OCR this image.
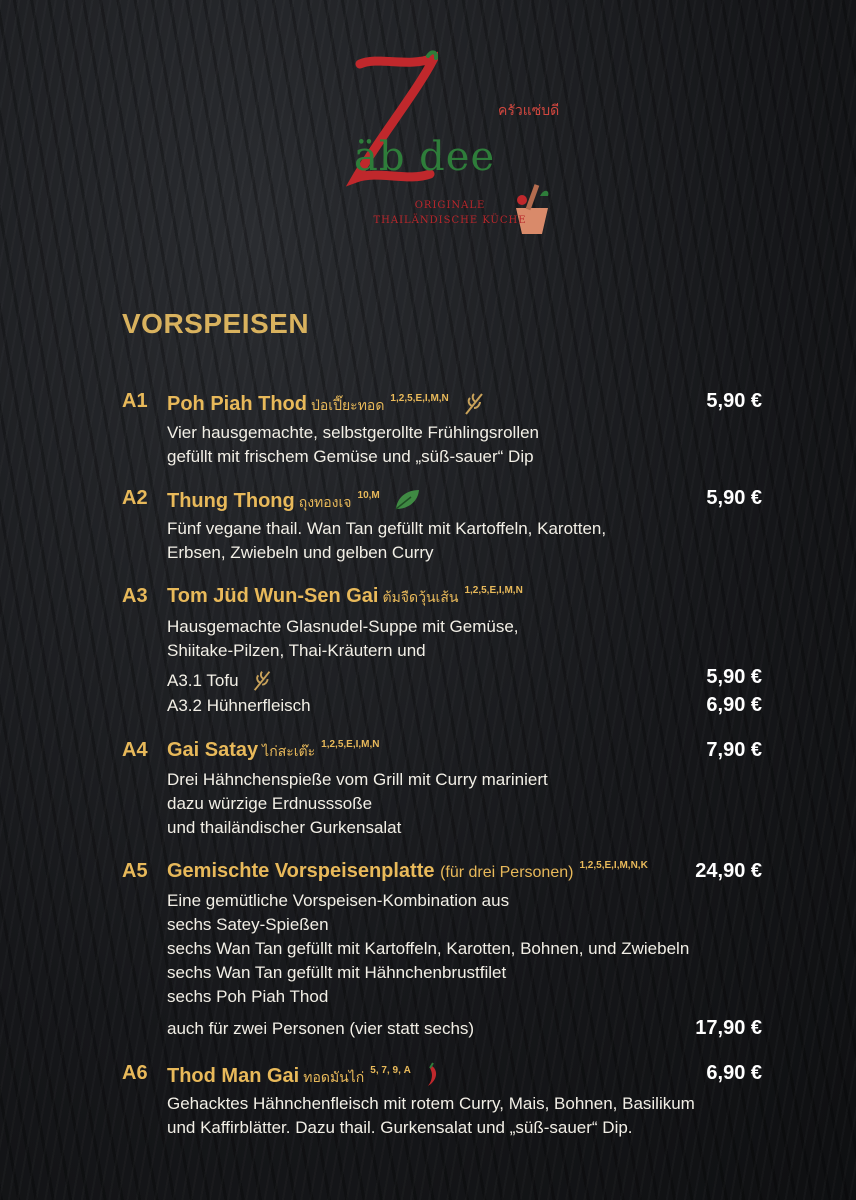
äb dee
ครัวแซ่บดี
ORIGINALE
THAILÄNDISCHE KÜCHE
VORSPEISEN
A1 Poh Piah Thod ป่อเปี๊ยะทอด $^{1,2,5,E,I,M,N}$	5,90 €
Vier hausgemachte, selbstgerollte Frühlingsrollen
gefüllt mit frischem Gemüse und „süß-sauer“ Dip
A2 Thung Thong ถุงทองเจ $^{10,M}$	5,90 €
Fünf vegane thail. Wan Tan gefüllt mit Kartoffeln, Karotten,
Erbsen, Zwiebeln und gelben Curry
A3 Tom Jüd Wun-Sen Gai ต้มจืดวุ้นเส้น $^{1,2,5,E,I,M,N}$
Hausgemachte Glasnudel-Suppe mit Gemüse,
Shiitake-Pilzen, Thai-Kräutern und
A3.1 Tofu	5,90 €
A3.2 Hühnerfleisch	6,90 €
A4 Gai Satay ไก่สะเต๊ะ $^{1,2,5,E,I,M,N}$	7,90 €
Drei Hähnchenspieße vom Grill mit Curry mariniert
dazu würzige Erdnusssoße
und thailändischer Gurkensalat
A5 Gemischte Vorspeisenplatte (für drei Personen) $^{1,2,5,E,I,M,N,K}$ 24,90 €
Eine gemütliche Vorspeisen-Kombination aus
sechs Satey-Spießen
sechs Wan Tan gefüllt mit Kartoffeln, Karotten, Bohnen, und Zwiebeln
sechs Wan Tan gefüllt mit Hähnchenbrustfilet
sechs Poh Piah Thod
auch für zwei Personen (vier statt sechs)	17,90 €
A6 Thod Man Gai ทอดมันไก่ $^{5, 7, 9, A}$	6,90 €
Gehacktes Hähnchenfleisch mit rotem Curry, Mais, Bohnen, Basilikum
und Kaffirblätter. Dazu thail. Gurkensalat und „süß-sauer“ Dip.
